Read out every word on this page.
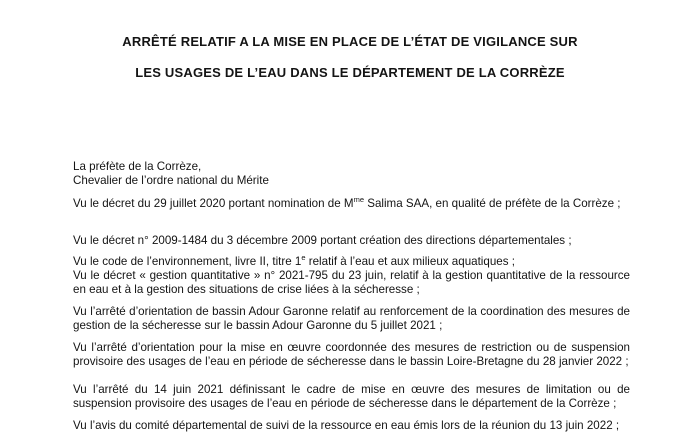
ARRÊTÉ RELATIF A LA MISE EN PLACE DE L’ÉTAT DE VIGILANCE SUR
LES USAGES DE L’EAU DANS LE DÉPARTEMENT DE LA CORRÈZE
La préfète de la Corrèze,
Chevalier de l’ordre national du Mérite

Vu le décret du 29 juillet 2020 portant nomination de $M^{me}$ Salima SAA, en qualité de préfète de la Corrèze ;

Vu le décret n° 2009-1484 du 3 décembre 2009 portant création des directions départementales ;

Vu le code de l’environnement, livre II, titre 1e relatif à l’eau et aux milieux aquatiques ;

Vu le décret « gestion quantitative » n° 2021-795 du 23 juin, relatif à la gestion quantitative de la ressource en eau et à la gestion des situations de crise liées à la sécheresse ;

Vu l’arrêté d’orientation de bassin Adour Garonne relatif au renforcement de la coordination des mesures de gestion de la sécheresse sur le bassin Adour Garonne du 5 juillet 2021 ;

Vu l’arrêté d’orientation pour la mise en œuvre coordonnée des mesures de restriction ou de suspension provisoire des usages de l’eau en période de sécheresse dans le bassin Loire-Bretagne du 28 janvier 2022 ;

Vu l’arrêté du 14 juin 2021 définissant le cadre de mise en œuvre des mesures de limitation ou de suspension provisoire des usages de l’eau en période de sécheresse dans le département de la Corrèze ;

Vu l’avis du comité départemental de suivi de la ressource en eau émis lors de la réunion du 13 juin 2022 ;
